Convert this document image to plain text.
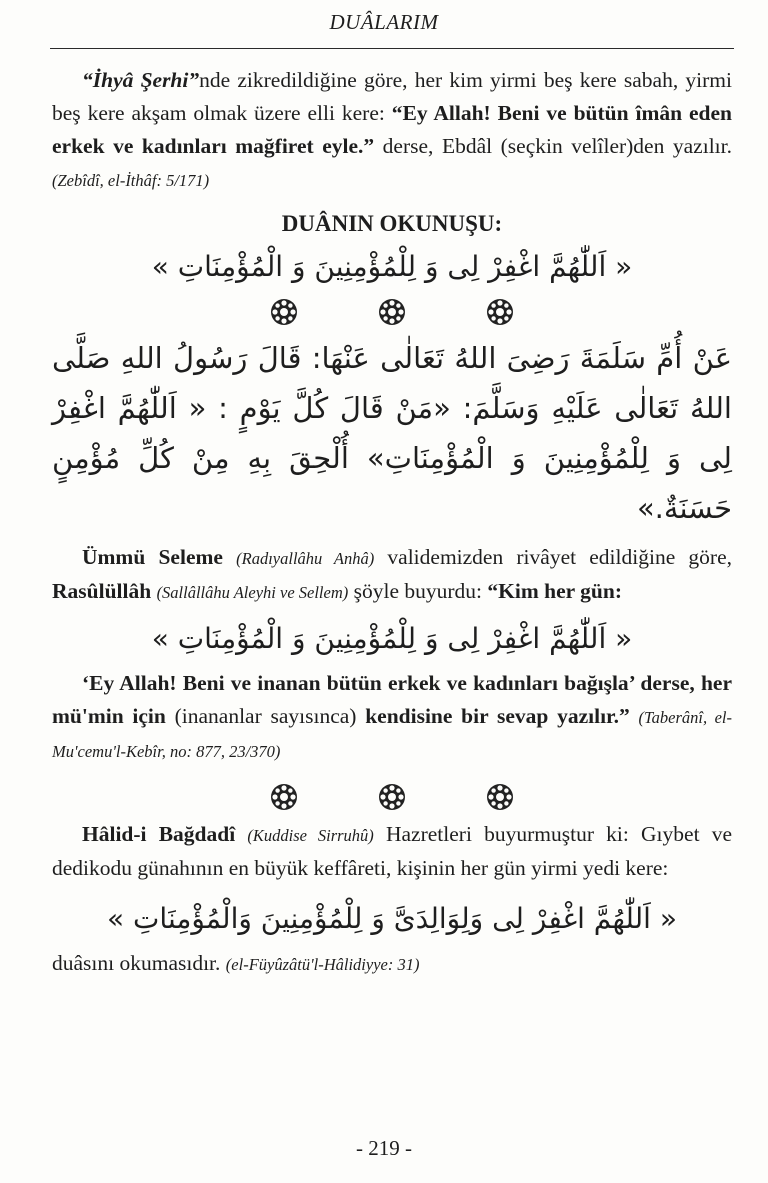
DUÂLARIM

“İhyâ Şerhi”nde zikredildiğine göre, her kim yirmi beş kere sabah, yirmi beş kere akşam olmak üzere elli kere: “Ey Allah! Beni ve bütün îmân eden erkek ve kadınları mağfiret eyle.” derse, Ebdâl (seçkin velîler)den yazılır. (Zebîdî, el-İthâf: 5/171)

DUÂNIN OKUNUŞU:
« اَللّٰهُمَّ اغْفِرْ لِى وَ لِلْمُؤْمِنِينَ وَ الْمُؤْمِنَاتِ »
عَنْ أُمِّ سَلَمَةَ رَضِىَ اللهُ تَعَالٰى عَنْهَا: قَالَ رَسُولُ اللهِ صَلَّى اللهُ تَعَالٰى عَلَيْهِ وَسَلَّمَ: «مَنْ قَالَ كُلَّ يَوْمٍ : « اَللّٰهُمَّ اغْفِرْ لِى وَ لِلْمُؤْمِنِينَ وَ الْمُؤْمِنَاتِ» أُلْحِقَ بِهِ مِنْ كُلِّ مُؤْمِنٍ حَسَنَةٌ.»

Ümmü Seleme (Radıyallâhu Anhâ) validemizden rivâyet edildiğine göre, Rasûlüllâh (Sallâllâhu Aleyhi ve Sellem) şöyle buyurdu: “Kim her gün:

« اَللّٰهُمَّ اغْفِرْ لِى وَ لِلْمُؤْمِنِينَ وَ الْمُؤْمِنَاتِ »

‘Ey Allah! Beni ve inanan bütün erkek ve kadınları bağışla’ derse, her mü'min için (inananlar sayısınca) kendisine bir sevap yazılır.” (Taberânî, el-Mu'cemu'l-Kebîr, no: 877, 23/370)

Hâlid-i Bağdadî (Kuddise Sirruhû) Hazretleri buyurmuştur ki: Gıybet ve dedikodu günahının en büyük keffâreti, kişinin her gün yirmi yedi kere:

« اَللّٰهُمَّ اغْفِرْ لِى وَلِوَالِدَىَّ وَ لِلْمُؤْمِنِينَ وَالْمُؤْمِنَاتِ »

duâsını okumasıdır. (el-Füyûzâtü'l-Hâlidiyye: 31)

- 219 -
